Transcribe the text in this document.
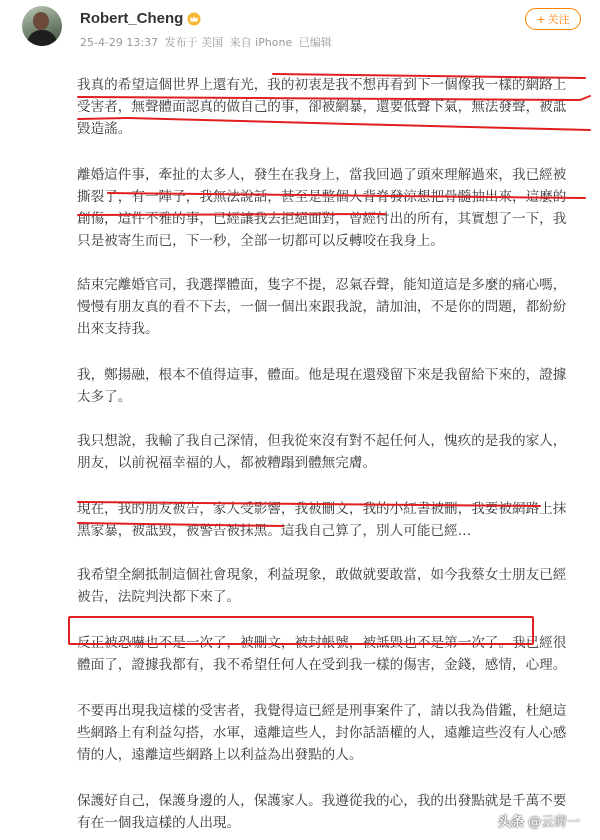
Robert_Cheng
25-4-29 13:37 发布于 美国 来自 iPhone 已编辑
+ 关注
我真的希望這個世界上還有光，我的初衷是我不想再看到下一個像我一樣的網路上
受害者，無聲體面認真的做自己的事，卻被網暴，還要低聲下氣，無法發聲，被詆
毀造謠。
離婚這件事，牽扯的太多人，發生在我身上，當我回過了頭來理解過來，我已經被
撕裂了，有一陣子，我無法說話，甚至是整個人背脊發涼想把骨髓抽出來，這麼的
創傷，這件不雅的事，已經讓我去拒絕面對，曾經付出的所有，其實想了一下，我
只是被寄生而已，下一秒，全部一切都可以反轉咬在我身上。
結束完離婚官司，我選擇體面，隻字不提，忍氣吞聲，能知道這是多麼的痛心嗎，
慢慢有朋友真的看不下去，一個一個出來跟我說，請加油，不是你的問題，都紛紛
出來支持我。
我，鄭揚融，根本不值得這事，體面。他是現在還殘留下來是我留給下來的，證據
太多了。
我只想說，我輸了我自己深情，但我從來沒有對不起任何人，愧疚的是我的家人，
朋友，以前祝福幸福的人，都被糟蹋到體無完膚。
現在，我的朋友被告，家人受影響，我被刪文，我的小紅書被刪，我要被網路上抹
黑家暴，被詆毀，被警告被抹黑。這我自己算了，別人可能已經…
我希望全網抵制這個社會現象，利益現象，敢做就要敢當，如今我蔡女士朋友已經
被告，法院判決都下來了。
反正被恐嚇也不是一次了，被刪文，被封帳號，被詆毀也不是第一次了。我已經很
體面了，證據我都有，我不希望任何人在受到我一樣的傷害，金錢，感情，心理。
不要再出現我這樣的受害者，我覺得這已經是刑事案件了，請以我為借鑑，杜絕這
些網路上有利益勾搭，水軍，遠離這些人，封你話語權的人，遠離這些沒有人心感
情的人，遠離這些網路上以利益為出發點的人。
保護好自己，保護身邊的人，保護家人。我遵從我的心，我的出發點就是千萬不要
有在一個我這樣的人出現。	头条 @云莳一
